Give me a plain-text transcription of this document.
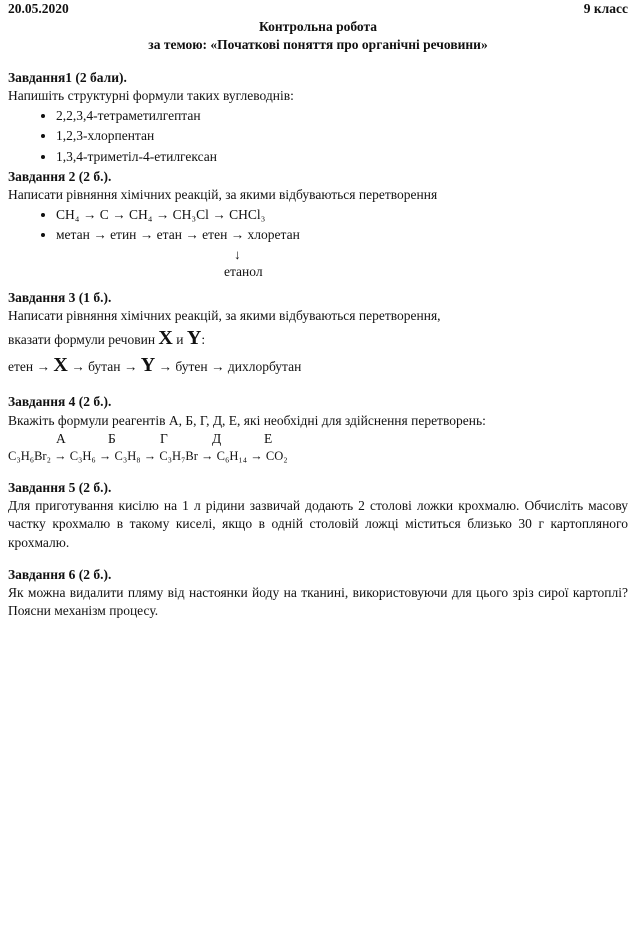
20.05.2020	9 класс
Контрольна робота
за темою: «Початкові поняття про органічні речовини»
Завдання1 (2 бали).
Напишіть структурні формули таких вуглеводнів:
• 2,2,3,4-тетраметилгептан
• 1,2,3-хлорпентан
• 1,3,4-триметіл-4-етилгексан
Завдання 2 (2 б.).
Написати рівняння хімічних реакцій, за якими відбуваються перетворення
• CH₄ → C → CH₄ → CH₃Cl → CHCl₃
• метан → етин → етан → етен → хлоретан
↓
етанол
Завдання 3 (1 б.).
Написати рівняння хімічних реакцій, за якими відбуваються перетворення,
вказати формули речовин X и Y:
етен → X → бутан → Y → бутен → дихлорбутан
Завдання 4 (2 б.).
Вкажіть формули реагентів А, Б, Г, Д, Е, які необхідні для здійснення перетворень:
А	Б	Г	Д	Е
C₃H₆Br₂ → C₃H₆ → C₃H₈ → C₃H₇Br → C₆H₁₄ → CO₂
Завдання 5 (2 б.).
Для приготування кисілю на 1 л рідини зазвичай додають 2 столові ложки крохмалю. Обчисліть масову частку крохмалю в такому киселі, якщо в одній столовій ложці міститься близько 30 г картопляного крохмалю.
Завдання 6 (2 б.).
Як можна видалити пляму від настоянки йоду на тканині, використовуючи для цього зріз сирої картоплі? Поясни механізм процесу.
